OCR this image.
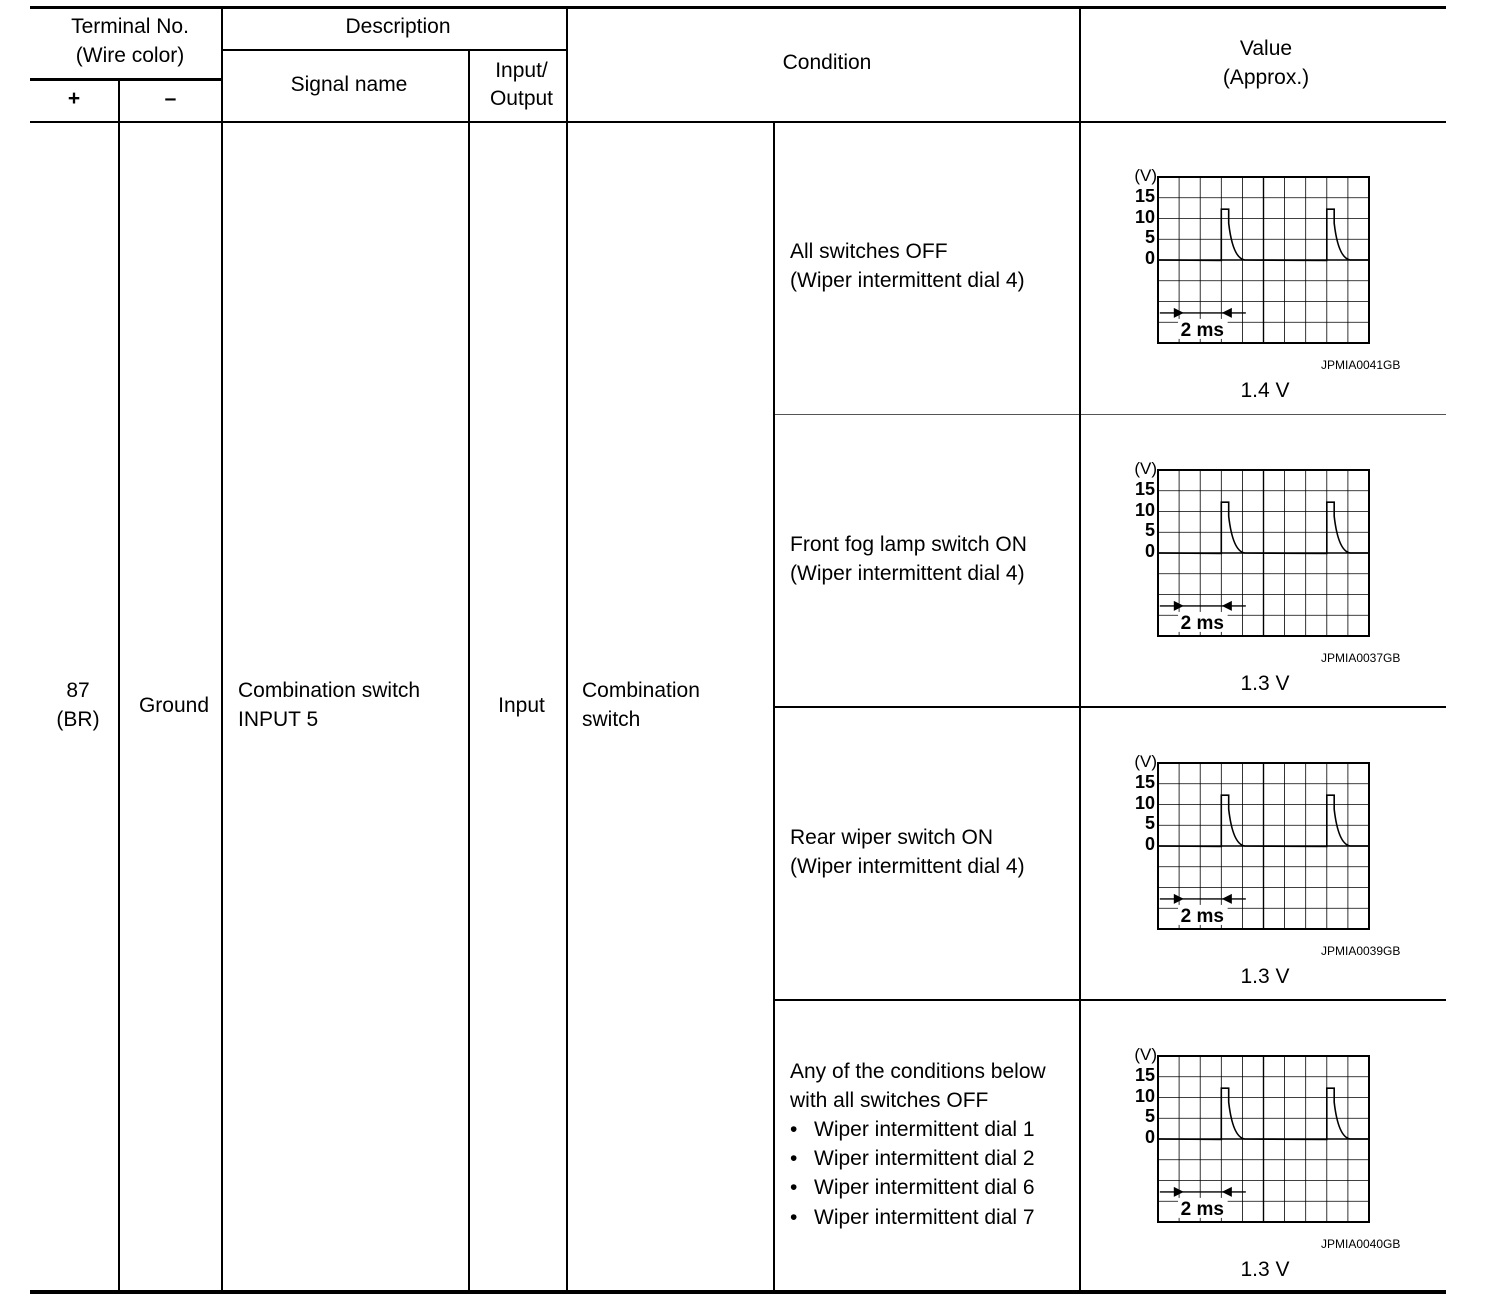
Terminal No.
(Wire color)
+	–
Description
Signal name
Input/
Output
Condition
Value
(Approx.)
87
(BR)
Ground
Combination switch
INPUT 5
Input
Combination
switch
All switches OFF
(Wiper intermittent dial 4)
Front fog lamp switch ON
(Wiper intermittent dial 4)
Rear wiper switch ON
(Wiper intermittent dial 4)
Any of the conditions below
with all switches OFF
• Wiper intermittent dial 1
• Wiper intermittent dial 2
• Wiper intermittent dial 6
• Wiper intermittent dial 7
(V)
15
10
5
0
2 ms
JPMIA0041GB
1.4 V
(V)
15
10
5
0
2 ms
JPMIA0037GB
1.3 V
(V)
15
10
5
0
2 ms
JPMIA0039GB
1.3 V
(V)
15
10
5
0
2 ms
JPMIA0040GB
1.3 V
